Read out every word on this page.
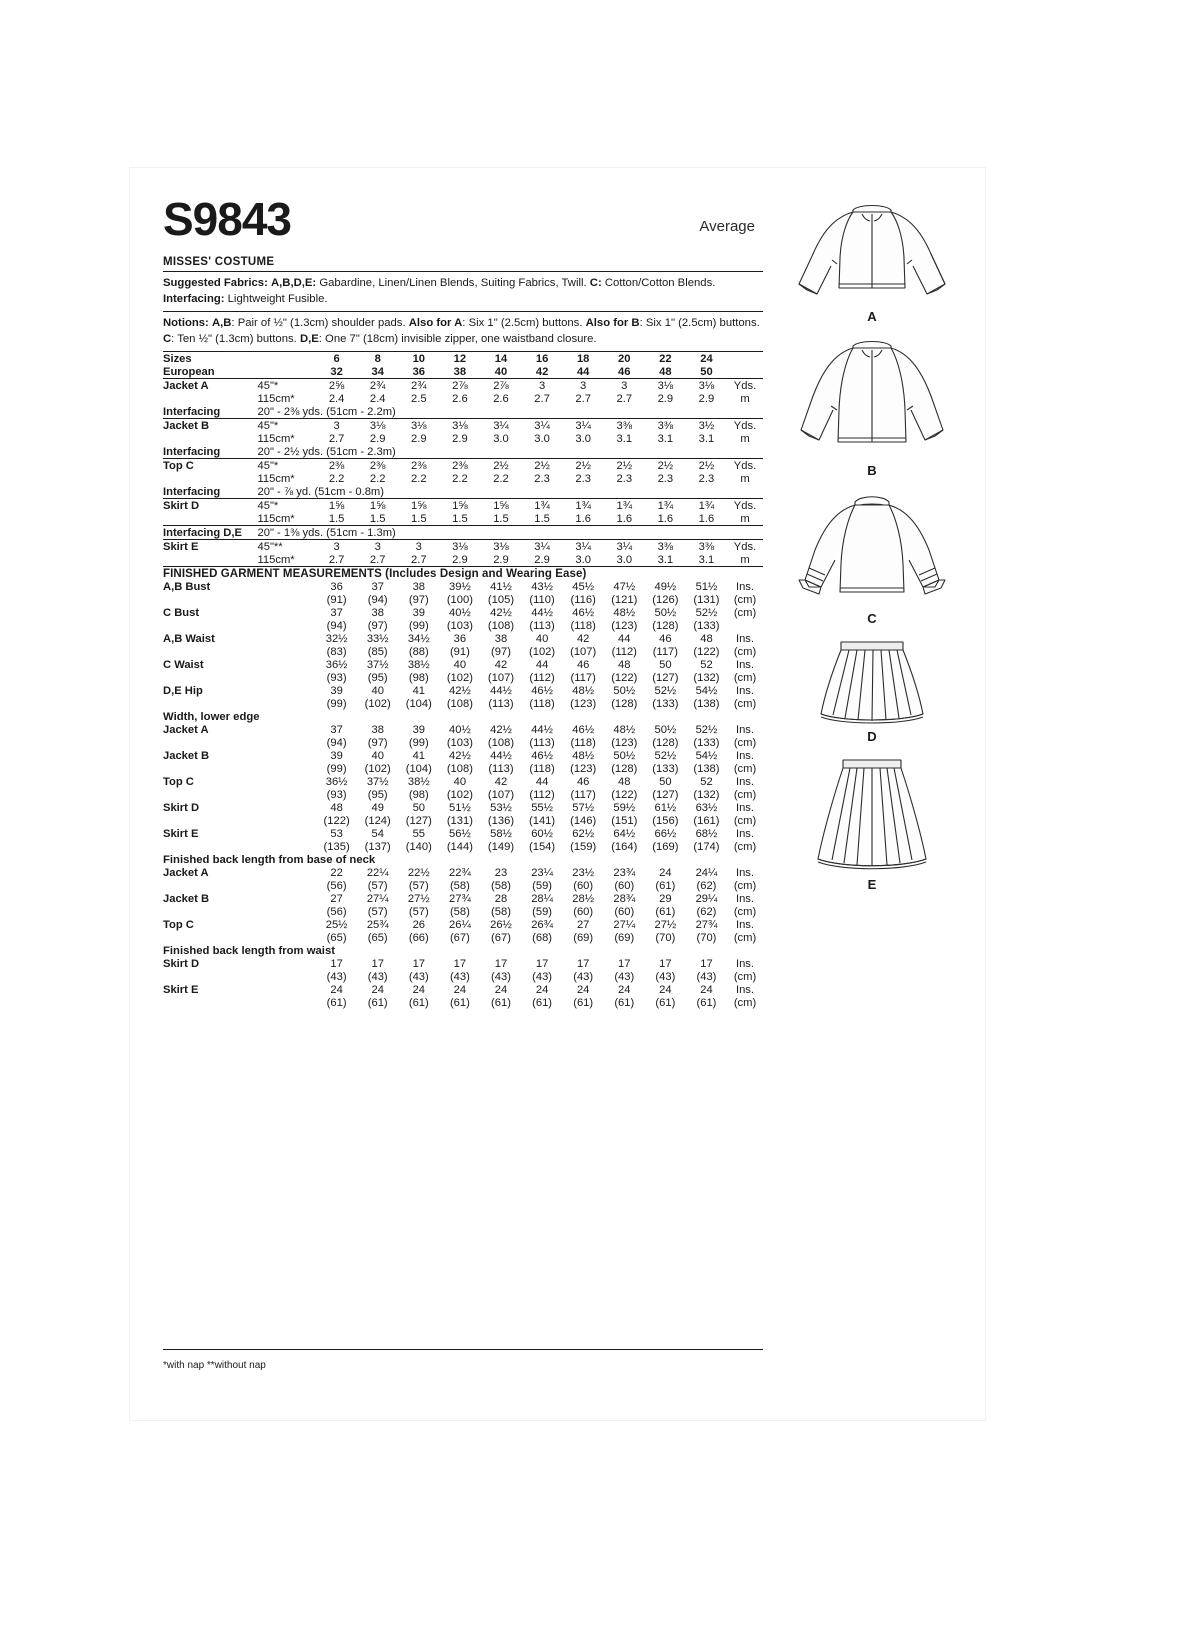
S9843	Average
MISSES' COSTUME
Suggested Fabrics: A,B,D,E: Gabardine, Linen/Linen Blends, Suiting Fabrics, Twill. C: Cotton/Cotton Blends.
Interfacing: Lightweight Fusible.
Notions: A,B: Pair of ½" (1.3cm) shoulder pads. Also for A: Six 1" (2.5cm) buttons. Also for B: Six 1" (2.5cm) buttons. C: Ten ½" (1.3cm) buttons. D,E: One 7" (18cm) invisible zipper, one waistband closure.
Sizes		6	8	10	12	14	16	18	20	22	24	
European		32	34	36	38	40	42	44	46	48	50	
Jacket A	45"*	2⅝	2¾	2¾	2⅞	2⅞	3	3	3	3⅛	3⅛	Yds.
	115cm*	2.4	2.4	2.5	2.6	2.6	2.7	2.7	2.7	2.9	2.9	m
Interfacing	20" - 2⅜ yds. (51cm - 2.2m)											
Jacket B	45"*	3	3⅛	3⅛	3⅛	3¼	3¼	3¼	3⅜	3⅜	3½	Yds.
	115cm*	2.7	2.9	2.9	2.9	3.0	3.0	3.0	3.1	3.1	3.1	m
Interfacing	20" - 2½ yds. (51cm - 2.3m)											
Top C	45"*	2⅜	2⅜	2⅜	2⅜	2½	2½	2½	2½	2½	2½	Yds.
	115cm*	2.2	2.2	2.2	2.2	2.2	2.3	2.3	2.3	2.3	2.3	m
Interfacing	20" - ⅞ yd. (51cm - 0.8m)											
Skirt D	45"*	1⅝	1⅝	1⅝	1⅝	1⅝	1¾	1¾	1¾	1¾	1¾	Yds.
	115cm*	1.5	1.5	1.5	1.5	1.5	1.5	1.6	1.6	1.6	1.6	m
Interfacing D,E	20" - 1⅜ yds. (51cm - 1.3m)											
Skirt E	45"**	3	3	3	3⅛	3⅛	3¼	3¼	3¼	3⅜	3⅜	Yds.
	115cm*	2.7	2.7	2.7	2.9	2.9	2.9	3.0	3.0	3.1	3.1	m
FINISHED GARMENT MEASUREMENTS (Includes Design and Wearing Ease)												
A,B Bust		36	37	38	39½	41½	43½	45½	47½	49½	51½	Ins.
		(91)	(94)	(97)	(100)	(105)	(110)	(116)	(121)	(126)	(131)	(cm)
C Bust		37	38	39	40½	42½	44½	46½	48½	50½	52½	(cm)
		(94)	(97)	(99)	(103)	(108)	(113)	(118)	(123)	(128)	(133)	
A,B Waist		32½	33½	34½	36	38	40	42	44	46	48	Ins.
		(83)	(85)	(88)	(91)	(97)	(102)	(107)	(112)	(117)	(122)	(cm)
C Waist		36½	37½	38½	40	42	44	46	48	50	52	Ins.
		(93)	(95)	(98)	(102)	(107)	(112)	(117)	(122)	(127)	(132)	(cm)
D,E Hip		39	40	41	42½	44½	46½	48½	50½	52½	54½	Ins.
		(99)	(102)	(104)	(108)	(113)	(118)	(123)	(128)	(133)	(138)	(cm)
Width, lower edge												
Jacket A		37	38	39	40½	42½	44½	46½	48½	50½	52½	Ins.
		(94)	(97)	(99)	(103)	(108)	(113)	(118)	(123)	(128)	(133)	(cm)
Jacket B		39	40	41	42½	44½	46½	48½	50½	52½	54½	Ins.
		(99)	(102)	(104)	(108)	(113)	(118)	(123)	(128)	(133)	(138)	(cm)
Top C		36½	37½	38½	40	42	44	46	48	50	52	Ins.
		(93)	(95)	(98)	(102)	(107)	(112)	(117)	(122)	(127)	(132)	(cm)
Skirt D		48	49	50	51½	53½	55½	57½	59½	61½	63½	Ins.
		(122)	(124)	(127)	(131)	(136)	(141)	(146)	(151)	(156)	(161)	(cm)
Skirt E		53	54	55	56½	58½	60½	62½	64½	66½	68½	Ins.
		(135)	(137)	(140)	(144)	(149)	(154)	(159)	(164)	(169)	(174)	(cm)
Finished back length from base of neck												
Jacket A		22	22¼	22½	22¾	23	23¼	23½	23¾	24	24¼	Ins.
		(56)	(57)	(57)	(58)	(58)	(59)	(60)	(60)	(61)	(62)	(cm)
Jacket B		27	27¼	27½	27¾	28	28¼	28½	28¾	29	29¼	Ins.
		(56)	(57)	(57)	(58)	(58)	(59)	(60)	(60)	(61)	(62)	(cm)
Top C		25½	25¾	26	26¼	26½	26¾	27	27¼	27½	27¾	Ins.
		(65)	(65)	(66)	(67)	(67)	(68)	(69)	(69)	(70)	(70)	(cm)
Finished back length from waist												
Skirt D		17	17	17	17	17	17	17	17	17	17	Ins.
		(43)	(43)	(43)	(43)	(43)	(43)	(43)	(43)	(43)	(43)	(cm)
Skirt E		24	24	24	24	24	24	24	24	24	24	Ins.
		(61)	(61)	(61)	(61)	(61)	(61)	(61)	(61)	(61)	(61)	(cm)
*with nap **without nap
A
B
C
D
E
